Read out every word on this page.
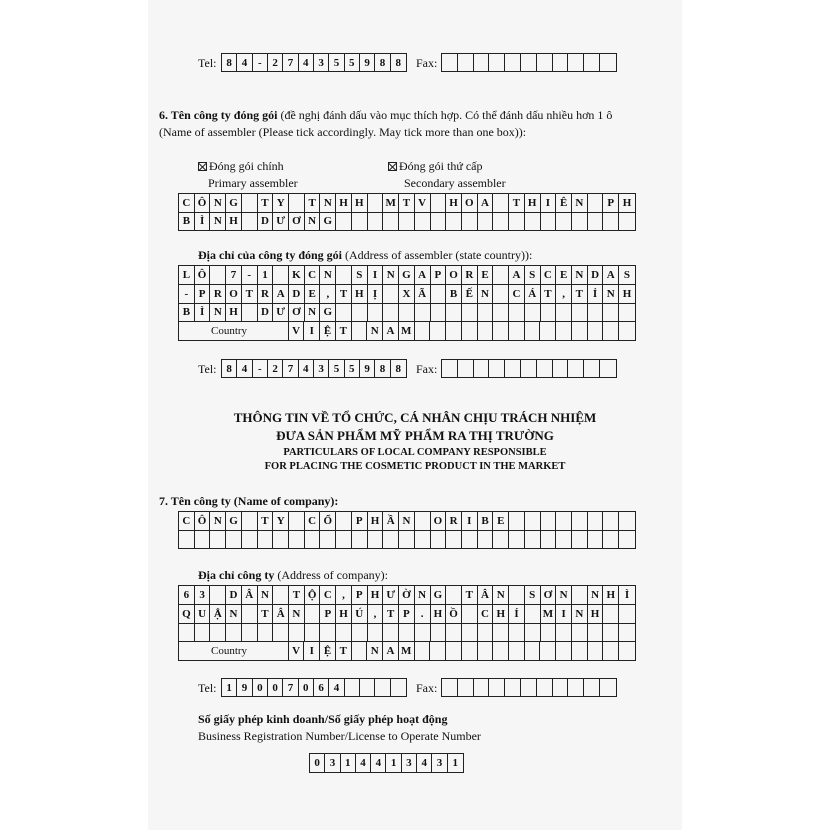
Tel: 8 4 - 2 7 4 3 5 5 9 8 8	Fax:
6. Tên công ty đóng gói (đề nghị đánh dấu vào mục thích hợp. Có thể đánh dấu nhiều hơn 1 ô
(Name of assembler (Please tick accordingly. May tick more than one box)):
Đóng gói chính
Primary assembler
Đóng gói thứ cấp
Secondary assembler
C Ô N G	T Y	T N H H	M T V	H O A	T H I Ê N	P H
B Ì N H	D Ư Ơ N G
Địa chỉ của công ty đóng gói (Address of assembler (state country)):
L Ô	7	-	1	K C N	S I N G A P O R E	A S C E N D A S
- P R O T R A D E , T H Ị	X Ã	B Ế N	C Á T , T Ỉ N H
B Ì N H	D Ư Ơ N G
Country	V I Ệ T	N A M
Tel: 8 4 - 2 7 4 3 5 5 9 8 8	Fax:
THÔNG TIN VỀ TỔ CHỨC, CÁ NHÂN CHỊU TRÁCH NHIỆM
ĐƯA SẢN PHẨM MỸ PHẨM RA THỊ TRƯỜNG
PARTICULARS OF LOCAL COMPANY RESPONSIBLE
FOR PLACING THE COSMETIC PRODUCT IN THE MARKET
7. Tên công ty (Name of company):
C Ô N G	T Y	C Ổ	P H Ầ N	O R I B E
Địa chỉ công ty (Address of company):
6 3	D Â N	T Ộ C , P H Ư Ờ N G	T Â N	S Ơ N	N H Ì
Q U Ậ N	T Â N	P H Ú , T P . H Ồ	C H Í	M I N H
Country	V I Ệ T	N A M
Tel: 1 9 0 0 7 0 6 4	Fax:
Số giấy phép kinh doanh/Số giấy phép hoạt động
Business Registration Number/License to Operate Number
0 3 1 4 4 1 3 4 3 1
